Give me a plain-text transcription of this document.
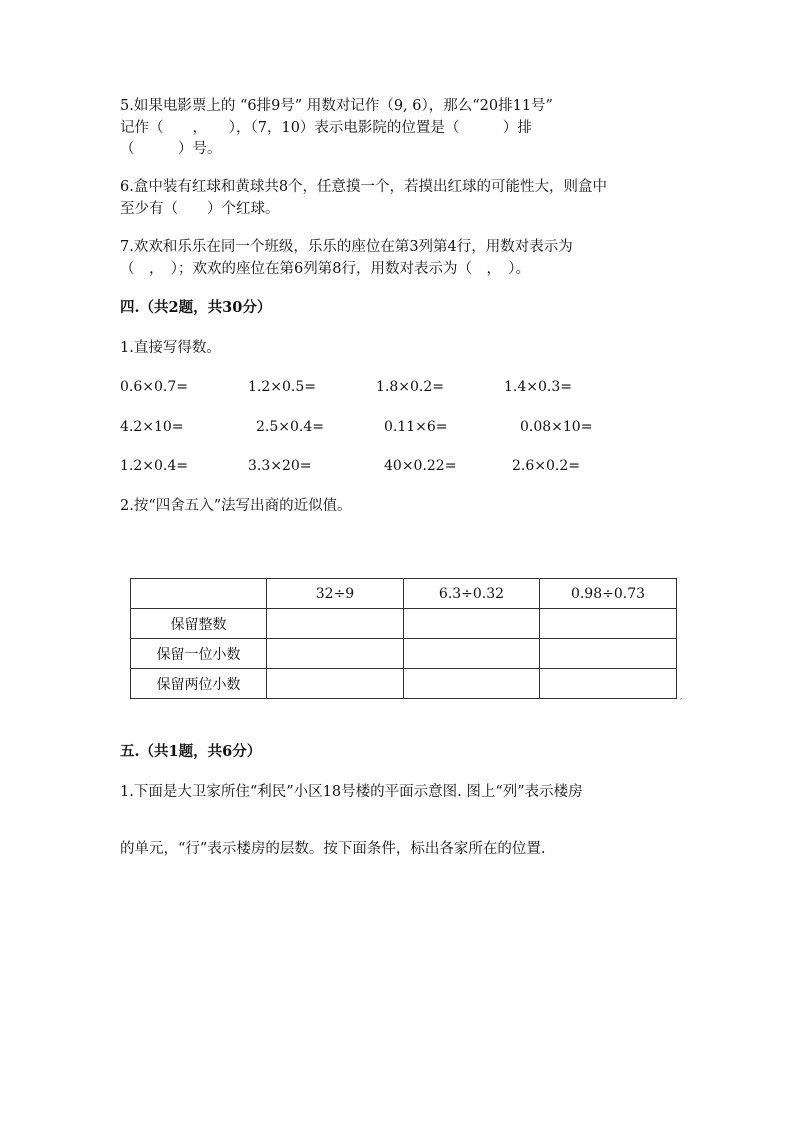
5.如果电影票上的 “6排9号” 用数对记作（9, 6），那么“20排11号”
记作（　　，　　），（7，10）表示电影院的位置是（　　　）排
（　　　）号。
6.盒中装有红球和黄球共8个，任意摸一个，若摸出红球的可能性大，则盒中
至少有（　　）个红球。
7.欢欢和乐乐在同一个班级，乐乐的座位在第3列第4行，用数对表示为
（　，　）；欢欢的座位在第6列第8行，用数对表示为（　，　）。
四.（共2题，共30分）
1.直接写得数。
0.6×0.7=	1.2×0.5=	1.8×0.2=	1.4×0.3=
4.2×10=	2.5×0.4=	0.11×6=	0.08×10=
1.2×0.4=	3.3×20=	40×0.22=	2.6×0.2=
2.按“四舍五入”法写出商的近似值。
	32÷9	6.3÷0.32	0.98÷0.73
保留整数			
保留一位小数			
保留两位小数			
,
五.（共1题，共6分）
1.下面是大卫家所住“利民”小区18号楼的平面示意图. 图上“列”表示楼房
的单元，“行”表示楼房的层数。按下面条件，标出各家所在的位置.
